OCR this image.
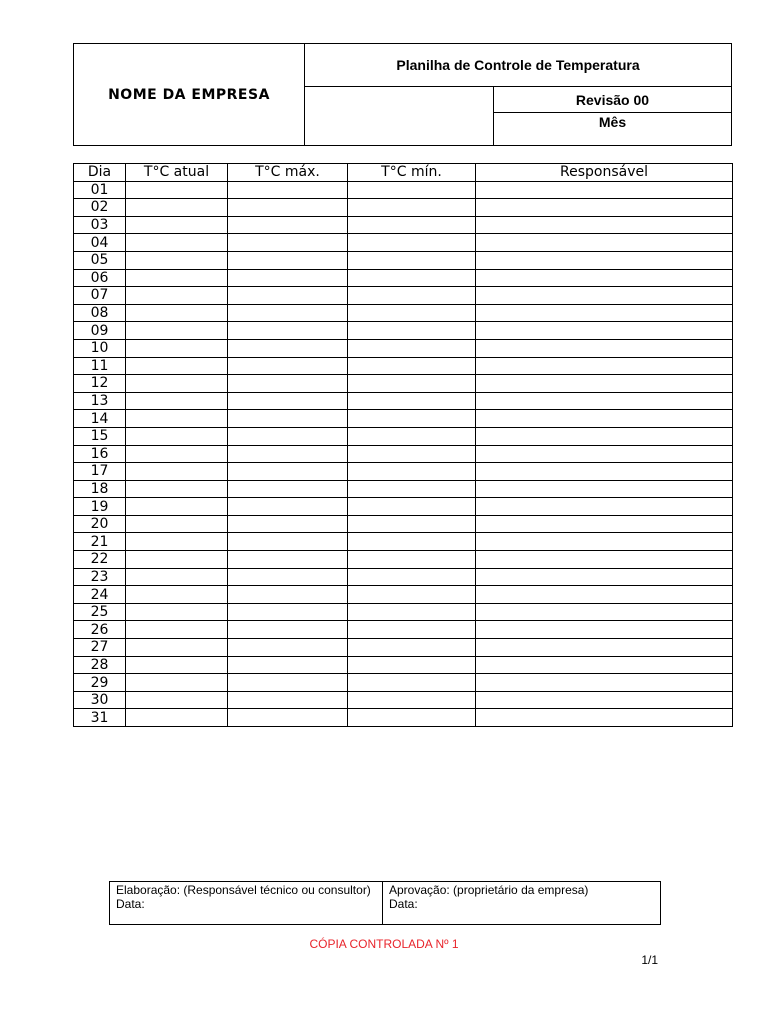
NOME DA EMPRESA
Planilha de Controle de Temperatura
Revisão 00
Mês
Dia	T°C atual	T°C máx.	T°C mín.	Responsável
01				
02				
03				
04				
05				
06				
07				
08				
09				
10				
11				
12				
13				
14				
15				
16				
17				
18				
19				
20				
21				
22				
23				
24				
25				
26				
27				
28				
29				
30				
31				
Elaboração: (Responsável técnico ou consultor)
Data:
Aprovação: (proprietário da empresa)
Data:
CÓPIA CONTROLADA Nº 1
1/1
